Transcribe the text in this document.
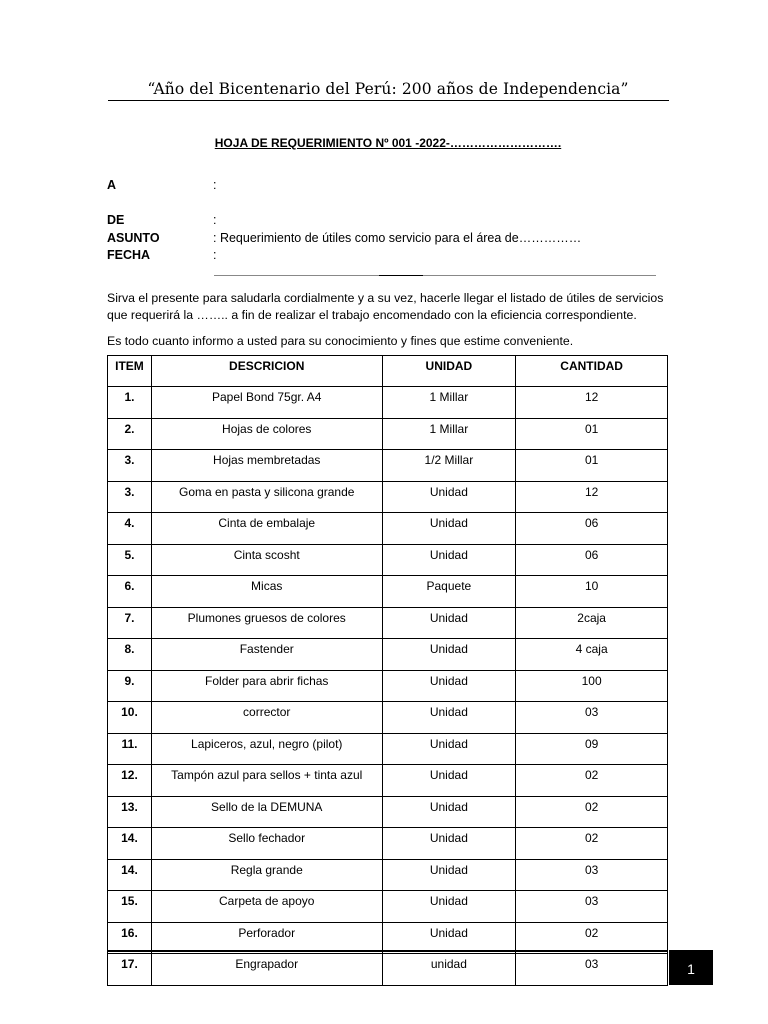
“Año del Bicentenario del Perú: 200 años de Independencia”
HOJA DE REQUERIMIENTO Nº 001 -2022-……………………….
A	:
DE	:
ASUNTO	: Requerimiento de útiles como servicio para el área de……………
FECHA	:
Sirva el presente para saludarla cordialmente y a su vez, hacerle llegar el listado de útiles de servicios que requerirá la …….. a fin de realizar el trabajo encomendado con la eficiencia correspondiente.
Es todo cuanto informo a usted para su conocimiento y fines que estime conveniente.
ITEM	DESCRICION	UNIDAD	CANTIDAD
1.	Papel Bond 75gr. A4	1 Millar	12
2.	Hojas de colores	1 Millar	01
3.	Hojas membretadas	1/2 Millar	01
3.	Goma en pasta y silicona grande	Unidad	12
4.	Cinta de embalaje	Unidad	06
5.	Cinta scosht	Unidad	06
6.	Micas	Paquete	10
7.	Plumones gruesos de colores	Unidad	2caja
8.	Fastender	Unidad	4 caja
9.	Folder para abrir fichas	Unidad	100
10.	corrector	Unidad	03
11.	Lapiceros, azul, negro (pilot)	Unidad	09
12.	Tampón azul para sellos + tinta azul	Unidad	02
13.	Sello de la DEMUNA	Unidad	02
14.	Sello fechador	Unidad	02
14.	Regla grande	Unidad	03
15.	Carpeta de apoyo	Unidad	03
16.	Perforador	Unidad	02
17.	Engrapador	unidad	03	1
